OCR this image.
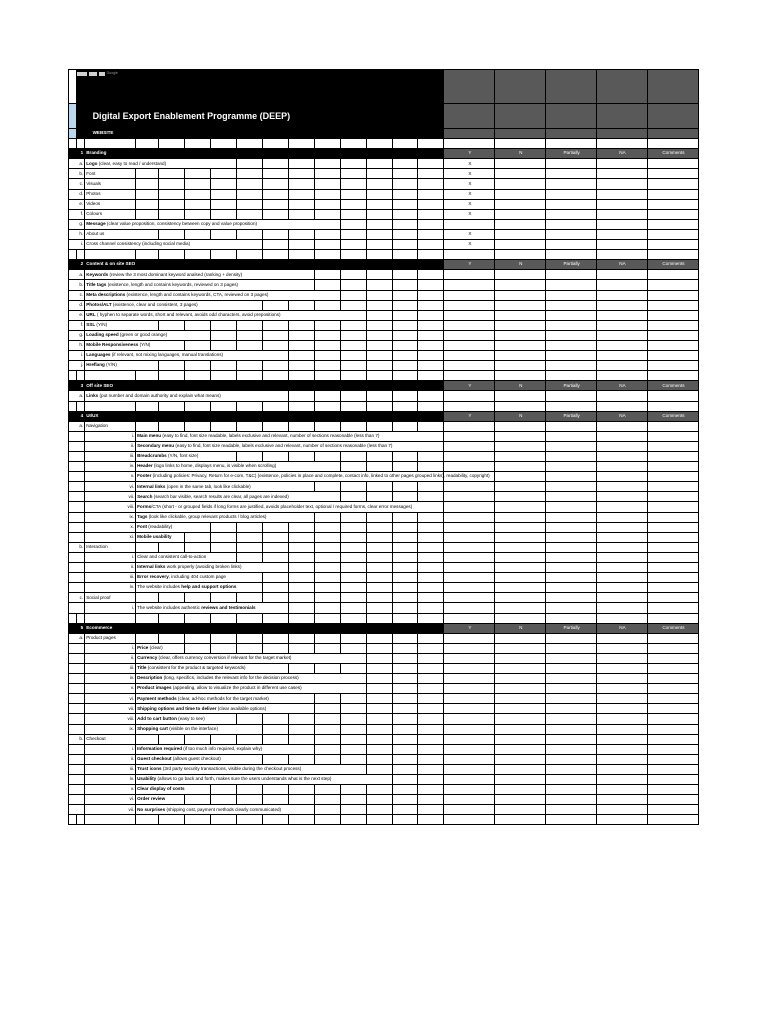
	Google																		

	Digital Export Enablement Programme (DEEP)																		
	WEBSITE																		

1		Branding													Y	N	Partially	NA	Comments
a.		Logo (clear, easy to read / understand)													X				
b.		Font													X				
c.		Visuals													X				
d.		Photos													X				
e.		Videos													X				
f.		Colours													X				
g.		Message (clear value proposition, consistency between copy and value proposition)																	
h.		About us													X				
i.		Cross channel consistency (including social media)													X				

2		Content & on site SEO													Y	N	Partially	NA	Comments
a.		Keywords (review the 3 most dominant keyword analsed (ranking + density)																	
b.		Title tags (existence, length and contains keywords, reviewed on 3 pages)																	
c.		Meta descriptions (existence, length and contains keywords, CTA, reviewed on 3 pages)																	
d.		Photos/ALT (existence, clear and consistent, 3 pages)																	
e.		URL ( hyphen to separate words, short and relevant, avoids odd characters, avoid prepositions)																	
f.		SSL (Y/N)																	
g.		Loading speed (green or good orange)																	
h.		Mobile Responsiveness (Y/N)																	
i.		Languages (if relevant, not mixing languages, manual translations)																	
j.		Hreflang (Y/N)																	

3		Off site SEO													Y	N	Partially	NA	Comments
a.		Links (put number and domain authority and explain what means)																	

4		UI/UX													Y	N	Partially	NA	Comments
a.		Navigation																	
		i.	Main menu (easy to find, font size readable, labels exclusive and relevant, number of sections reasonable (less than 7)																
		ii.	Secondary menu (easy to find, font size readable, labels exclusive and relevant, number of sections reasonable (less than 7)																
		iii.	Breadcrumbs (Y/N, font size)																
		iv.	Header (logo links to home, displays menu, is visible when scrolling)																
		v.	Footer (including policies: Privacy, Return for e-com, T&C) (existence, policies in place and complete, contact info, linked to other pages grouped links), readability, copyright)																
		vi.	Internal links (open in the same tab, look like clickable)																
		vii.	Search (search bar visible, search results are clear, all pages are indexed)																
		viii.	Forms/CTA (short - or grouped fields if long forms are justified, avoids placeholder text, optional / required forms, clear error messages)																
		ix.	Tags (look like clickable, group relevant products / blog articles)																
		x.	Font (readability)																
		xi.	Mobile usability																
b.		Interaction																	
		i.	Clear and consistent call-to-action																
		ii.	Internal links work properly (avoiding broken links)																
		iii.	Error recovery, including 404 custom page																
		iv.	The website includes help and support options																
c.		Social proof																	
		i.	The website includes authentic reviews and testimonials																

5		Ecommerce													Y	N	Partially	NA	Comments
a.		Product pages																	
		i.	Price (clear)																
		ii.	Currency (clear, offers currency conversion if relevant for the target market)																
		iii.	Title (consistent for the product & targeted keywords)																
		iv.	Description (long, specifics, includes the relevant info for the decision process)																
		v.	Product images (appealing, allow to visualize the product in different use cases)																
		vi.	Payment methods (clear, ad-hoc methods for the target market)																
		vii.	Shipping options and time to deliver (clear available options)																
		viii.	Add to cart button (easy to see)																
		ix.	Shopping cart (visible on the interface)																
b.		Checkout																	
		i.	Information required (if too much info required, explain why)																
		ii.	Guest checkout (allows guest checkout)																
		iii.	Trust icons (3rd party security transactions, visible during the checkout process)																
		iv.	Usability (allows to go back and forth, makes sure the users understands what is the next step)																
		v.	Clear display of costs																
		vi.	Order review																
		vii.	No surprises (shipping cost, payment methods clearly communicated)																
